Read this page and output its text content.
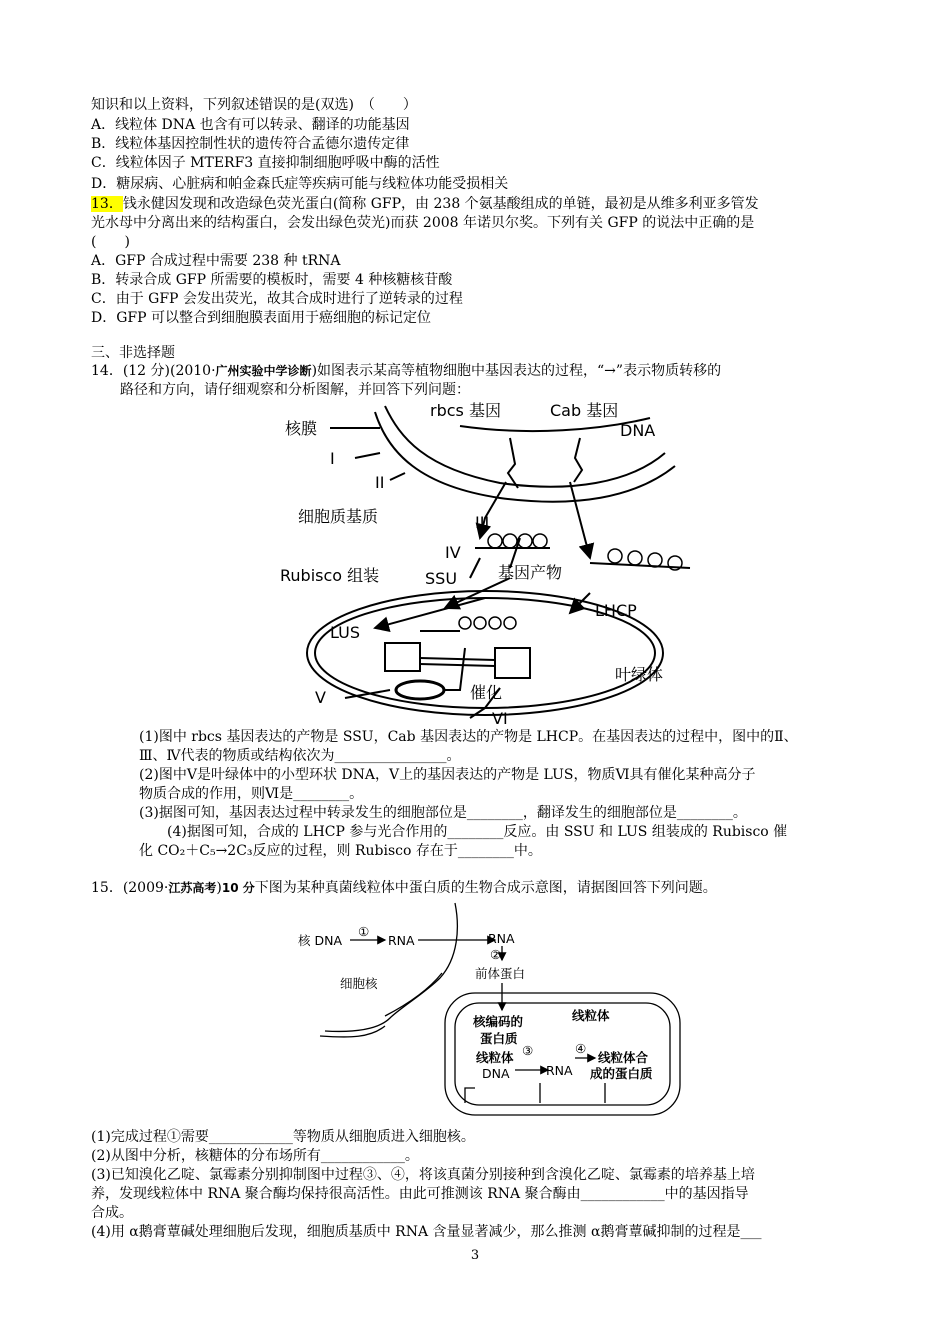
知识和以上资料，下列叙述错误的是(双选)　（　　）
A．线粒体 DNA 也含有可以转录、翻译的功能基因
B．线粒体基因控制性状的遗传符合孟德尔遗传定律
C．线粒体因子 MTERF3 直接抑制细胞呼吸中酶的活性
D．糖尿病、心脏病和帕金森氏症等疾病可能与线粒体功能受损相关
13．钱永健因发现和改造绿色荧光蛋白(简称 GFP，由 238 个氨基酸组成的单链，最初是从维多利亚多管发
光水母中分离出来的结构蛋白，会发出绿色荧光)而获 2008 年诺贝尔奖。下列有关 GFP 的说法中正确的是
(　　)
A．GFP 合成过程中需要 238 种 tRNA
B．转录合成 GFP 所需要的模板时，需要 4 种核糖核苷酸
C．由于 GFP 会发出荧光，故其合成时进行了逆转录的过程
D．GFP 可以整合到细胞膜表面用于癌细胞的标记定位
三、非选择题
14．(12 分)(2010·广州实验中学诊断)如图表示某高等植物细胞中基因表达的过程，“→”表示物质转移的
路径和方向，请仔细观察和分析图解，并回答下列问题：
rbcs 基因	Cab 基因
DNA
核膜
I
II
细胞质基质	III
IV
Rubisco 组装	SSU	基因产物
LHCP
LUS
叶绿体
V	催化
VI
(1)图中 rbcs 基因表达的产物是 SSU，Cab 基因表达的产物是 LHCP。在基因表达的过程中，图中的Ⅱ、
Ⅲ、Ⅳ代表的物质或结构依次为________________。
(2)图中Ⅴ是叶绿体中的小型环状 DNA，Ⅴ上的基因表达的产物是 LUS，物质Ⅵ具有催化某种高分子
物质合成的作用，则Ⅵ是________。
(3)据图可知，基因表达过程中转录发生的细胞部位是________，翻译发生的细胞部位是________。
　　(4)据图可知，合成的 LHCP 参与光合作用的________反应。由 SSU 和 LUS 组装成的 Rubisco 催
化 CO₂＋C₅→2C₃反应的过程，则 Rubisco 存在于________中。
15．(2009·江苏高考)10 分下图为某种真菌线粒体中蛋白质的生物合成示意图，请据图回答下列问题。
核 DNA
①
RNA	RNA
②
前体蛋白
细胞核
核编码的
蛋白质
线粒体
线粒体
DNA
③
RNA
④
线粒体合
成的蛋白质
(1)完成过程①需要____________等物质从细胞质进入细胞核。
(2)从图中分析，核糖体的分布场所有____________。
(3)已知溴化乙啶、氯霉素分别抑制图中过程③、④，将该真菌分别接种到含溴化乙啶、氯霉素的培养基上培
养，发现线粒体中 RNA 聚合酶均保持很高活性。由此可推测该 RNA 聚合酶由____________中的基因指导
合成。
(4)用 α鹅膏蕈碱处理细胞后发现，细胞质基质中 RNA 含量显著减少，那么推测 α鹅膏蕈碱抑制的过程是___
3
